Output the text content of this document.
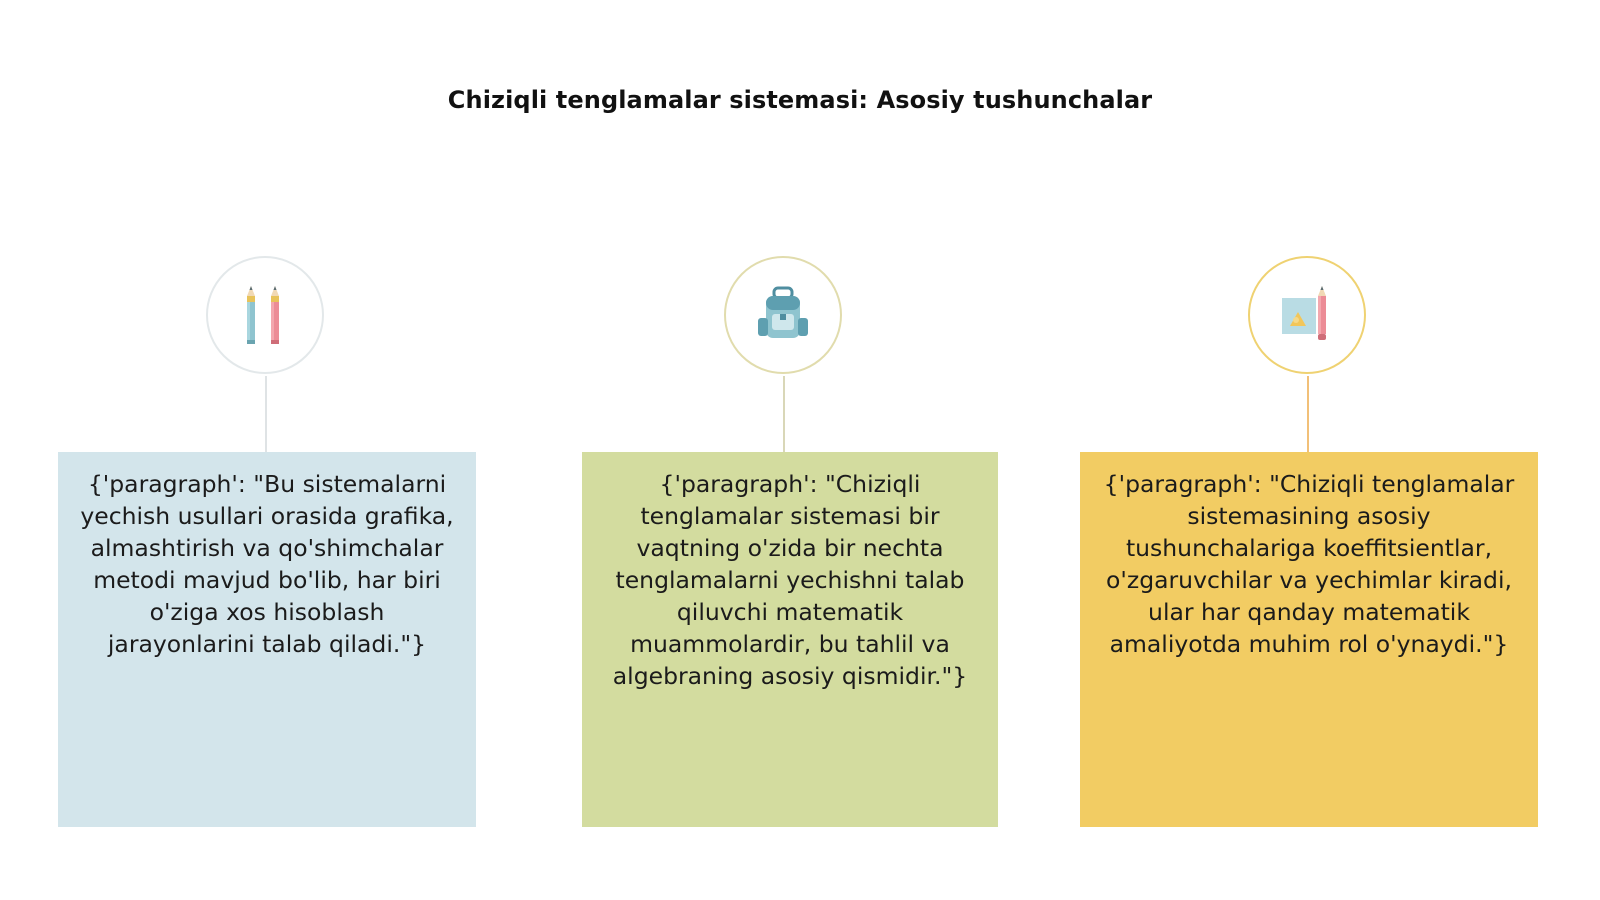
Chiziqli tenglamalar sistemasi: Asosiy tushunchalar
{'paragraph': "Bu sistemalarni yechish usullari orasida grafika, almashtirish va qo'shimchalar metodi mavjud bo'lib, har biri o'ziga xos hisoblash jarayonlarini talab qiladi."}
{'paragraph': "Chiziqli tenglamalar sistemasi bir vaqtning o'zida bir nechta tenglamalarni yechishni talab qiluvchi matematik muammolardir, bu tahlil va algebraning asosiy qismidir."}
{'paragraph': "Chiziqli tenglamalar sistemasining asosiy tushunchalariga koeffitsientlar, o'zgaruvchilar va yechimlar kiradi, ular har qanday matematik amaliyotda muhim rol o'ynaydi."}
